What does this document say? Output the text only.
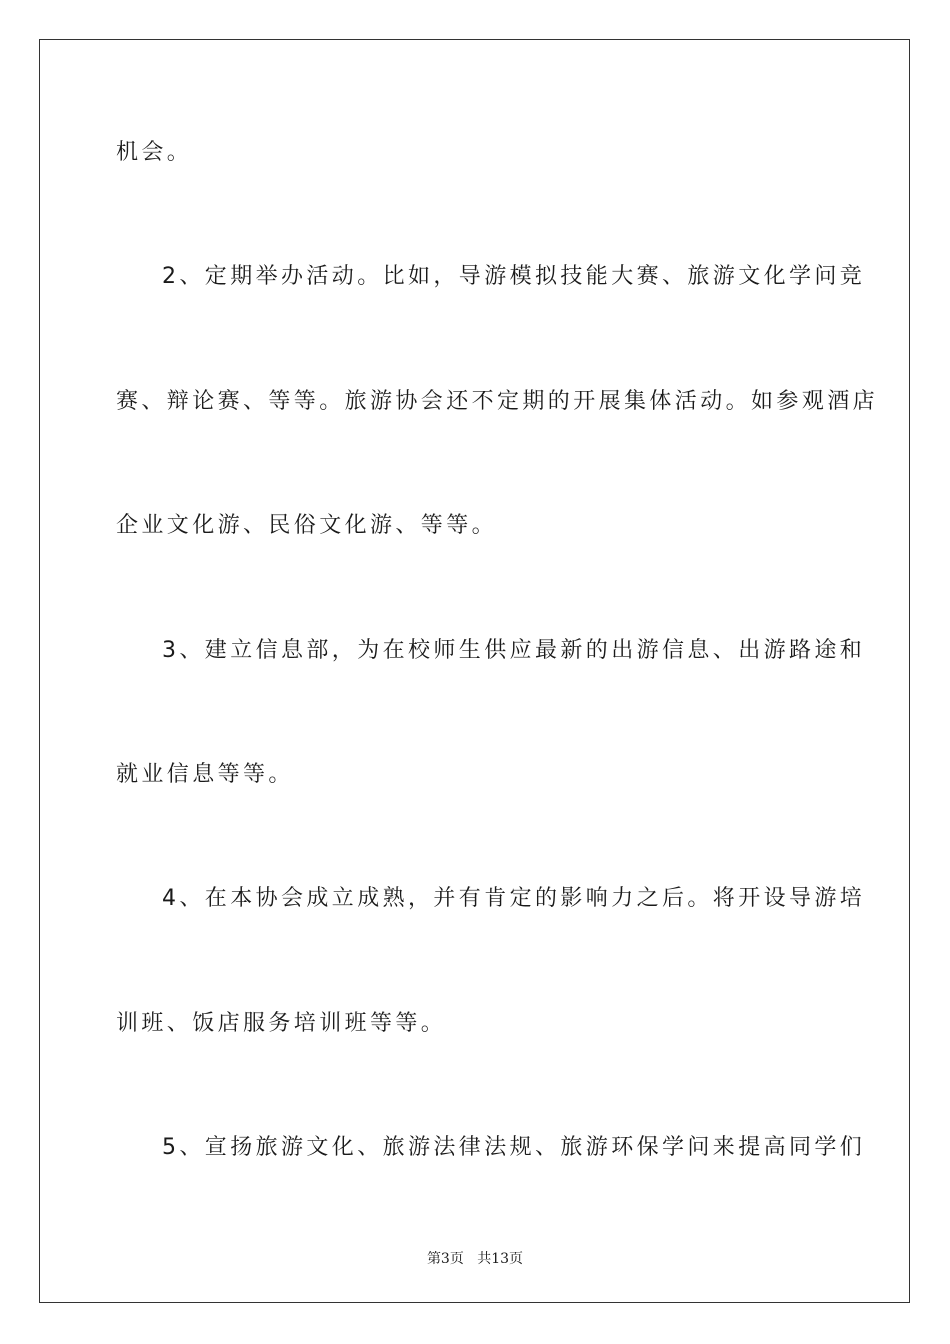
机会。

2、定期举办活动。比如，导游模拟技能大赛、旅游文化学问竞

赛、辩论赛、等等。旅游协会还不定期的开展集体活动。如参观酒店

企业文化游、民俗文化游、等等。

3、建立信息部，为在校师生供应最新的出游信息、出游路途和

就业信息等等。

4、在本协会成立成熟，并有肯定的影响力之后。将开设导游培

训班、饭店服务培训班等等。

5、宣扬旅游文化、旅游法律法规、旅游环保学问来提高同学们

第3页 共13页
